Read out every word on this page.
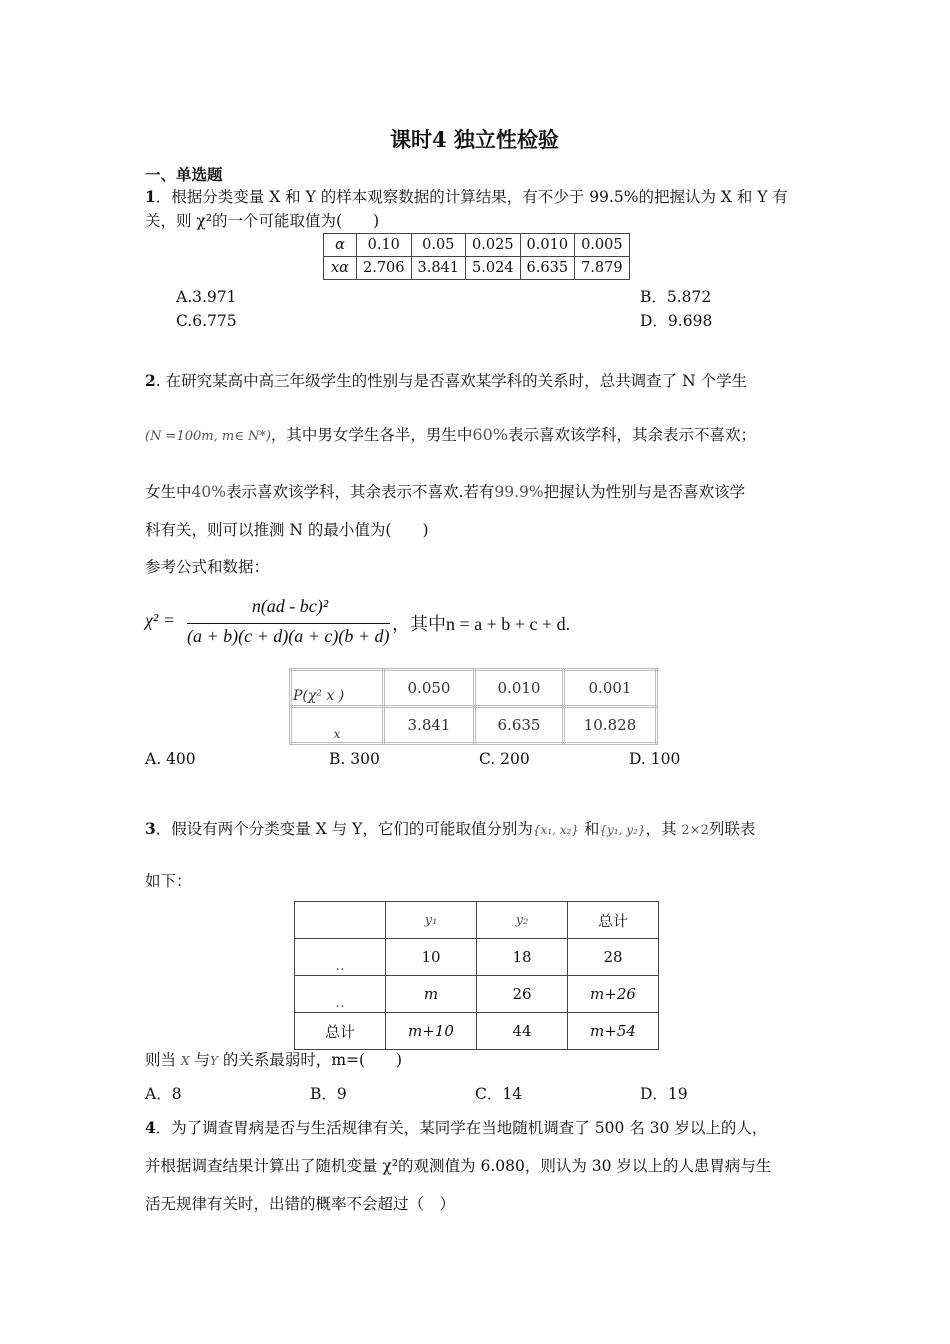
课时4 独立性检验
一、单选题
1．根据分类变量 X 和 Y 的样本观察数据的计算结果，有不少于 99.5%的把握认为 X 和 Y 有
关，则 χ²的一个可能取值为(　　)
α	0.10	0.05	0.025	0.010	0.005
xα	2.706	3.841	5.024	6.635	7.879
A.3.971	B．5.872
C.6.775	D．9.698
2. 在研究某高中高三年级学生的性别与是否喜欢某学科的关系时，总共调查了 N 个学生
(N =100m, m∈ N*)，其中男女学生各半，男生中60%表示喜欢该学科，其余表示不喜欢；
女生中40%表示喜欢该学科，其余表示不喜欢.若有99.9%把握认为性别与是否喜欢该学
科有关，则可以推测 N 的最小值为(　　)
参考公式和数据：
χ² =
n(ad - bc)²
(a + b)(c + d)(a + c)(b + d)
，其中n = a + b + c + d.
P(χ² x )	0.050	0.010	0.001
x	3.841	6.635	10.828
A. 400	B. 300	C. 200	D. 100
3．假设有两个分类变量 X 与 Y，它们的可能取值分别为{x₁, x₂} 和{y₁, y₂}，其 2×2列联表
如下：
	y₁	y₂	总计
..	10	18	28
..	m	26	m+26
总计	m+10	44	m+54
则当 X 与Y 的关系最弱时，m=(　　)
A．8	B．9	C．14	D．19
4．为了调查胃病是否与生活规律有关，某同学在当地随机调查了 500 名 30 岁以上的人，
并根据调查结果计算出了随机变量 χ²的观测值为 6.080，则认为 30 岁以上的人患胃病与生
活无规律有关时，出错的概率不会超过（　）
